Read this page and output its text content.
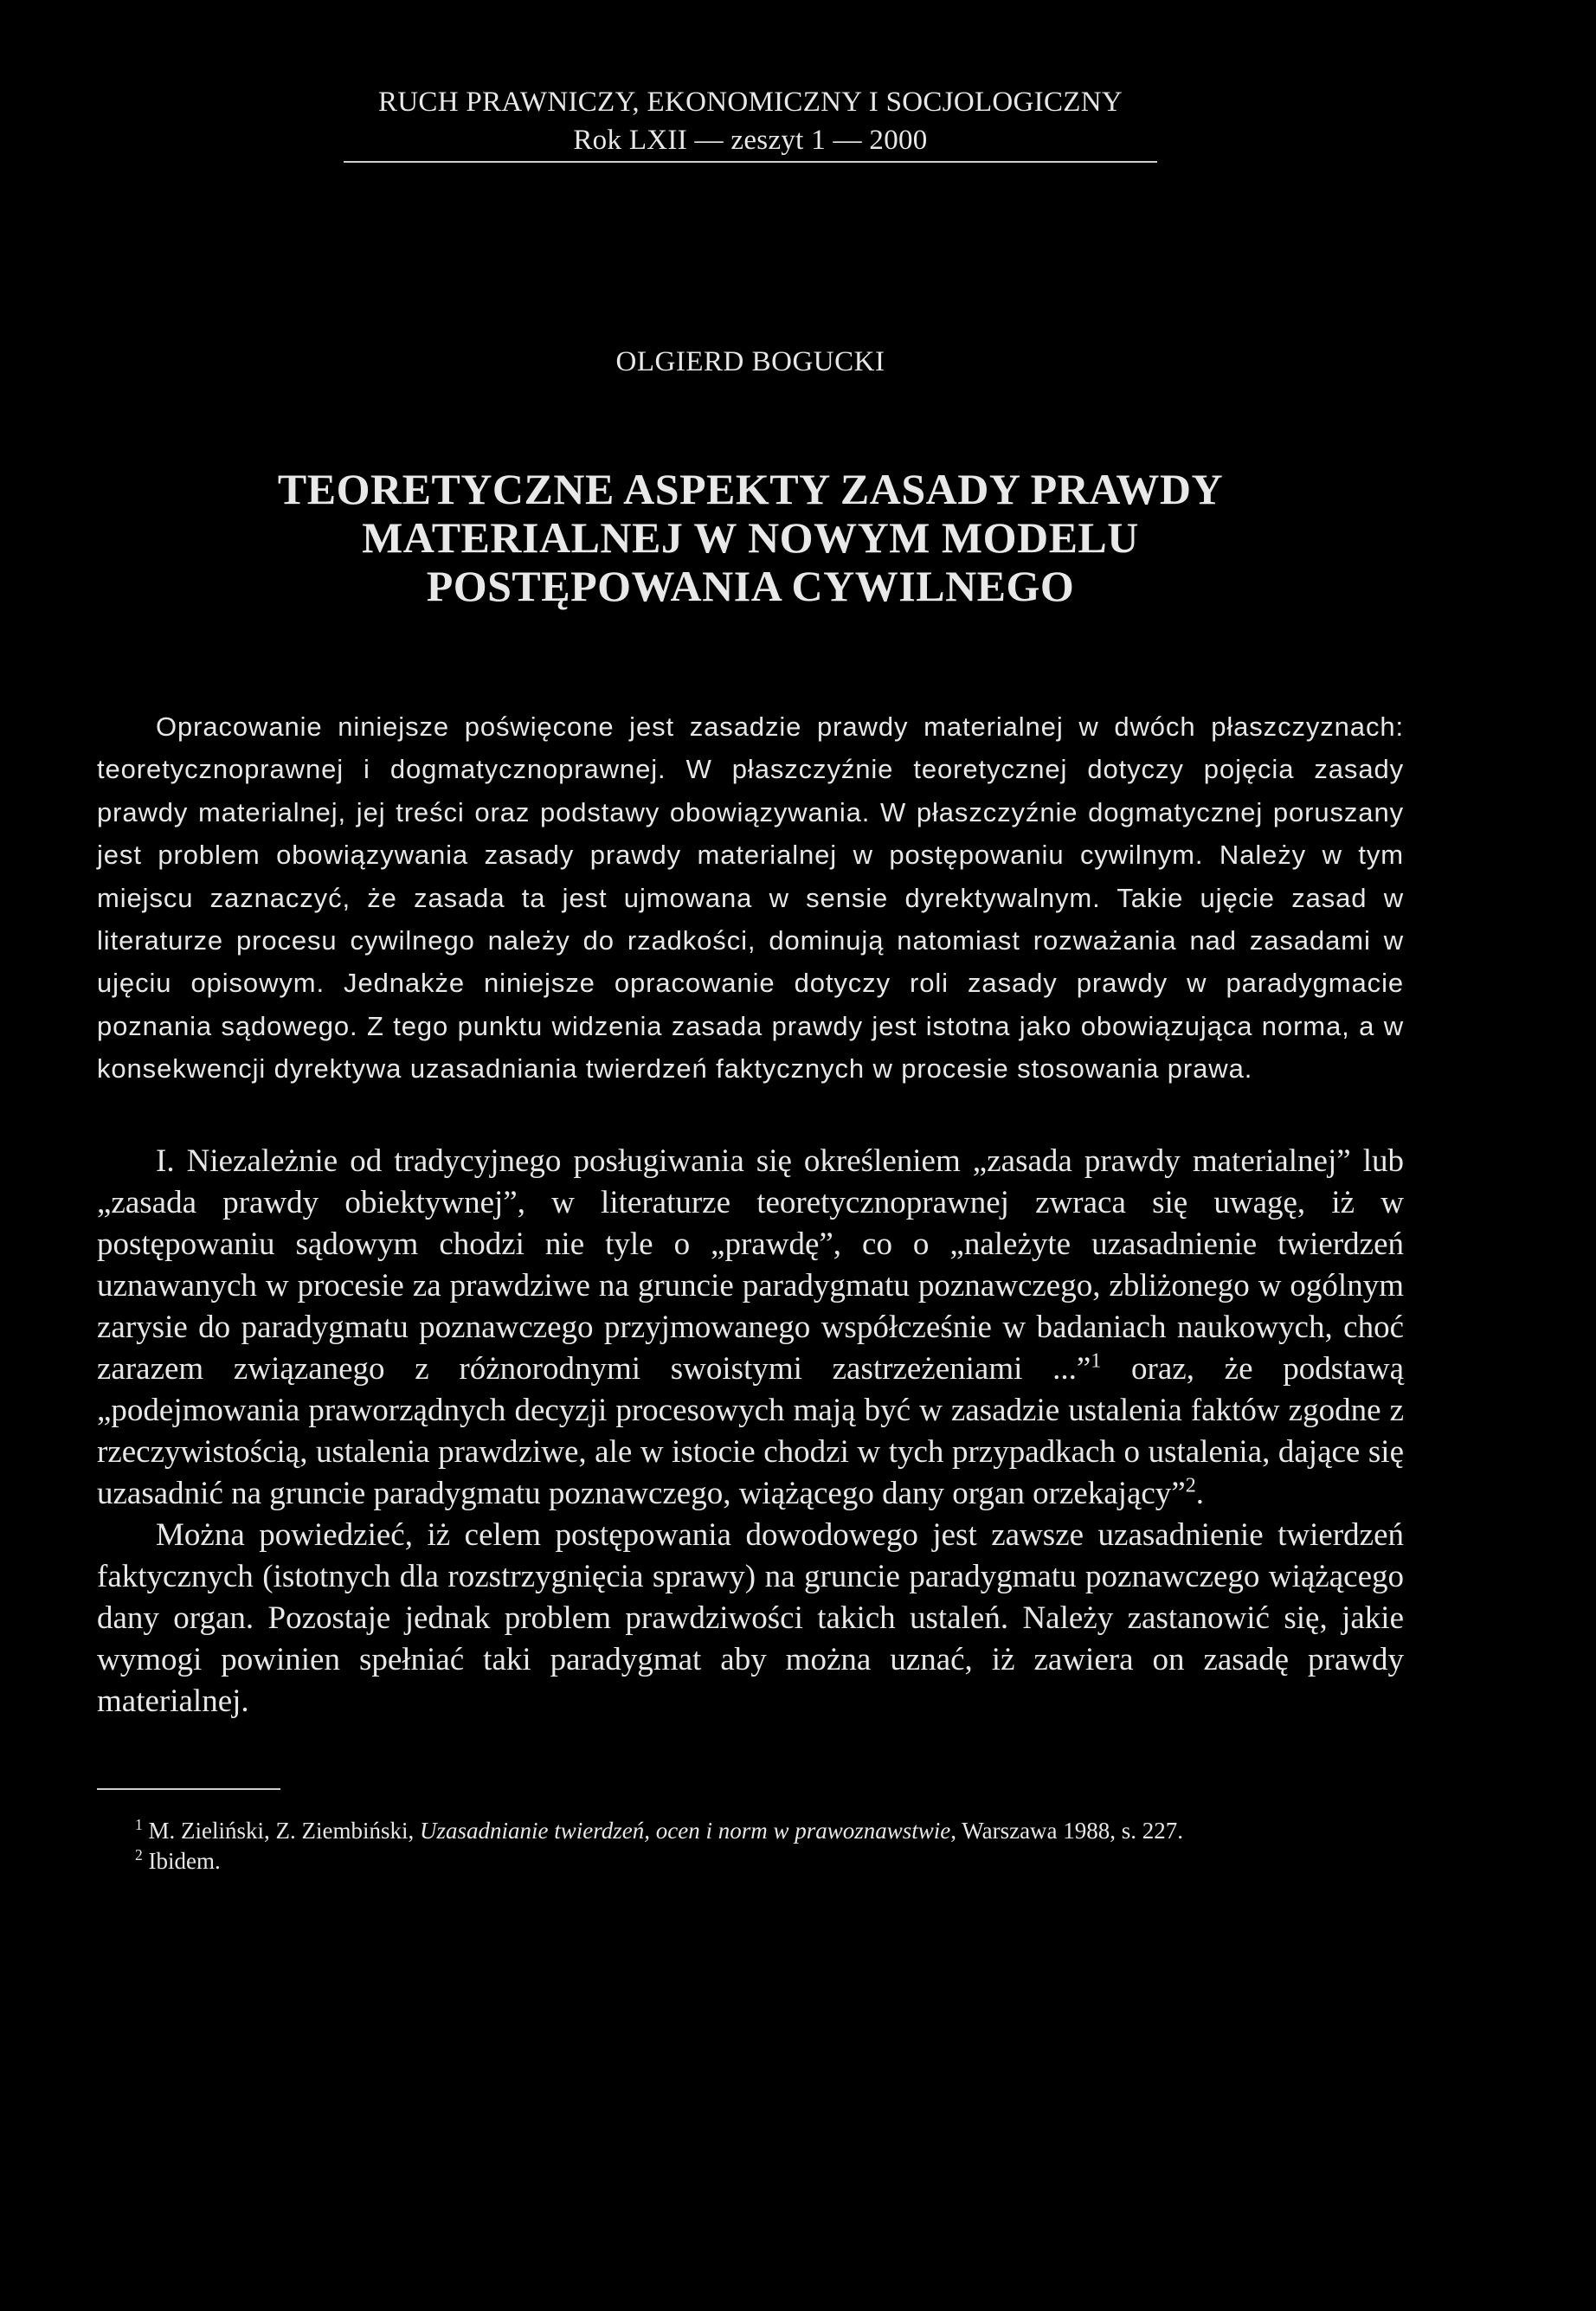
RUCH PRAWNICZY, EKONOMICZNY I SOCJOLOGICZNY
Rok LXII — zeszyt 1 — 2000
OLGIERD BOGUCKI
TEORETYCZNE ASPEKTY ZASADY PRAWDY
MATERIALNEJ W NOWYM MODELU
POSTĘPOWANIA CYWILNEGO

Opracowanie niniejsze poświęcone jest zasadzie prawdy materialnej w dwóch płaszczyznach: teoretycznoprawnej i dogmatycznoprawnej. W płaszczyźnie teoretycznej dotyczy pojęcia zasady prawdy materialnej, jej treści oraz podstawy obowiązywania. W płaszczyźnie dogmatycznej poruszany jest problem obowiązywania zasady prawdy materialnej w postępowaniu cywilnym. Należy w tym miejscu zaznaczyć, że zasada ta jest ujmowana w sensie dyrektywalnym. Takie ujęcie zasad w literaturze procesu cywilnego należy do rzadkości, dominują natomiast rozważania nad zasadami w ujęciu opisowym. Jednakże niniejsze opracowanie dotyczy roli zasady prawdy w paradygmacie poznania sądowego. Z tego punktu widzenia zasada prawdy jest istotna jako obowiązująca norma, a w konsekwencji dyrektywa uzasadniania twierdzeń faktycznych w procesie stosowania prawa.

I. Niezależnie od tradycyjnego posługiwania się określeniem „zasada prawdy materialnej” lub „zasada prawdy obiektywnej”, w literaturze teoretycznoprawnej zwraca się uwagę, iż w postępowaniu sądowym chodzi nie tyle o „prawdę”, co o „należyte uzasadnienie twierdzeń uznawanych w procesie za prawdziwe na gruncie paradygmatu poznawczego, zbliżonego w ogólnym zarysie do paradygmatu poznawczego przyjmowanego współcześnie w badaniach naukowych, choć zarazem związanego z różnorodnymi swoistymi zastrzeżeniami ...”$^1$ oraz, że podstawą „podejmowania praworządnych decyzji procesowych mają być w zasadzie ustalenia faktów zgodne z rzeczywistością, ustalenia prawdziwe, ale w istocie chodzi w tych przypadkach o ustalenia, dające się uzasadnić na gruncie paradygmatu poznawczego, wiążącego dany organ orzekający”$^2$.

Można powiedzieć, iż celem postępowania dowodowego jest zawsze uzasadnienie twierdzeń faktycznych (istotnych dla rozstrzygnięcia sprawy) na gruncie paradygmatu poznawczego wiążącego dany organ. Pozostaje jednak problem prawdziwości takich ustaleń. Należy zastanowić się, jakie wymogi powinien spełniać taki paradygmat aby można uznać, iż zawiera on zasadę prawdy materialnej.

$^1$ M. Zieliński, Z. Ziembiński, Uzasadnianie twierdzeń, ocen i norm w prawoznawstwie, Warszawa 1988, s. 227.

$^2$ Ibidem.
